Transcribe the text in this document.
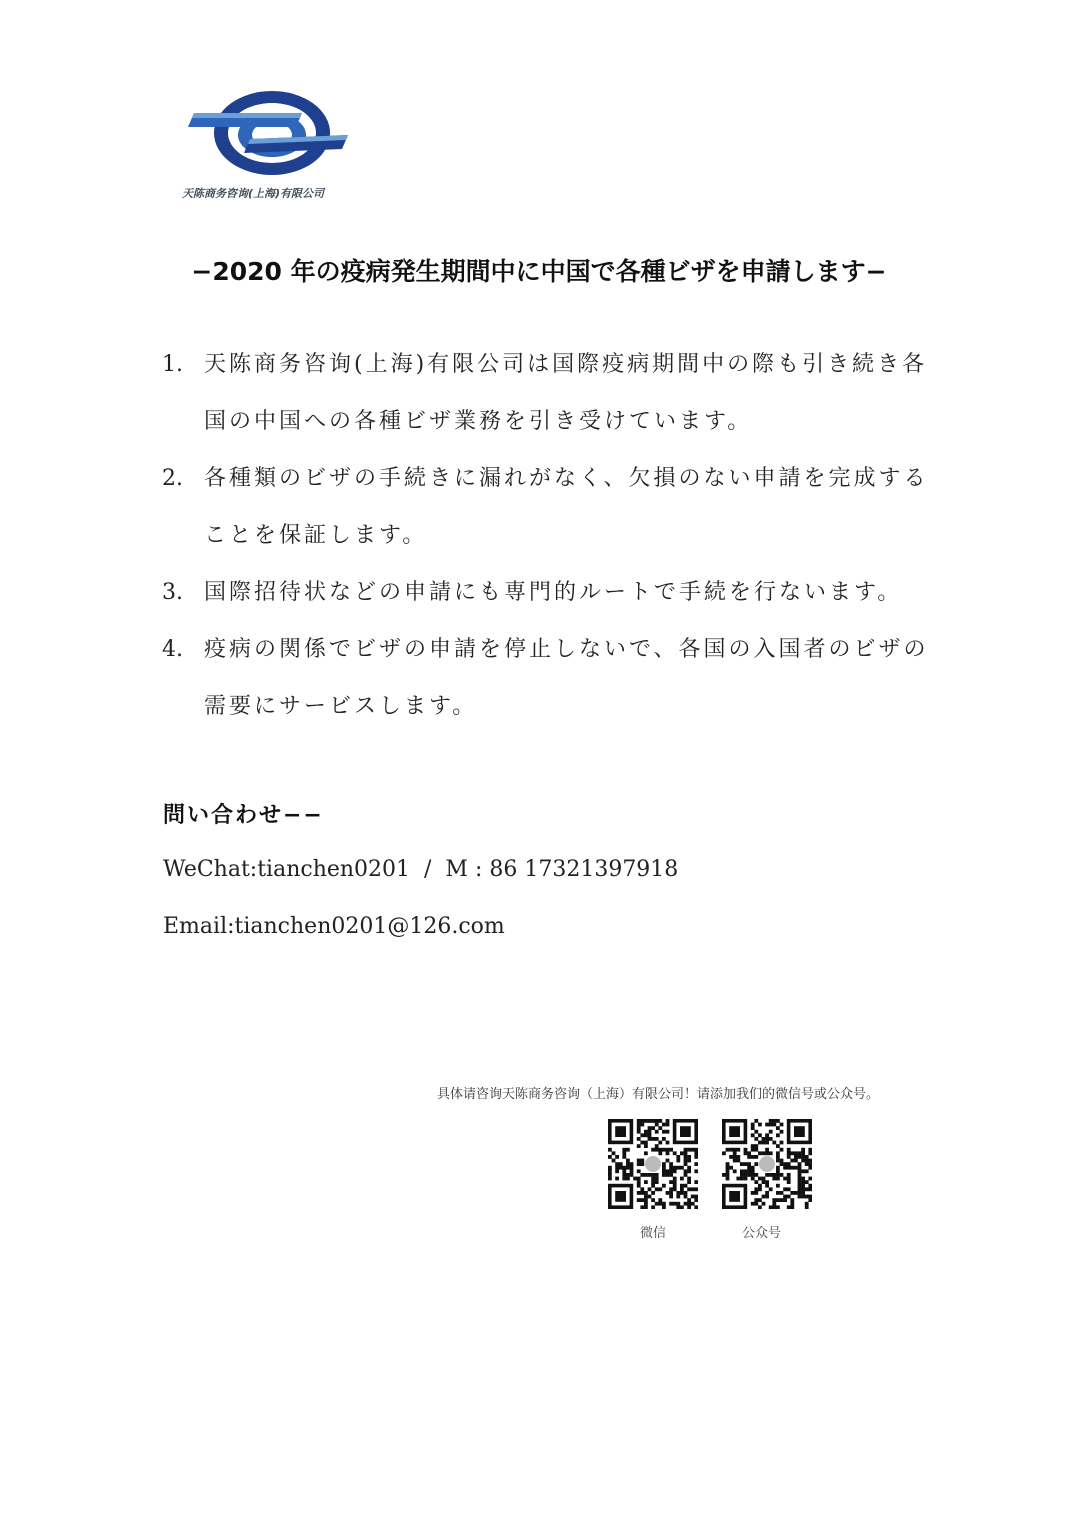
天陈商务咨询(上海)有限公司
−2020 年の疫病発生期間中に中国で各種ビザを申請します−
1. 天陈商务咨询(上海)有限公司は国際疫病期間中の際も引き続き各国の中国への各種ビザ業務を引き受けています。
2. 各種類のビザの手続きに漏れがなく、欠損のない申請を完成することを保証します。
3. 国際招待状などの申請にも専門的ルートで手続を行ないます。
4. 疫病の関係でビザの申請を停止しないで、各国の入国者のビザの需要にサービスします。
問い合わせ−−
WeChat:tianchen0201  /  M : 86 17321397918
Email:tianchen0201@126.com
具体请咨询天陈商务咨询（上海）有限公司！请添加我们的微信号或公众号。
微信	公众号
